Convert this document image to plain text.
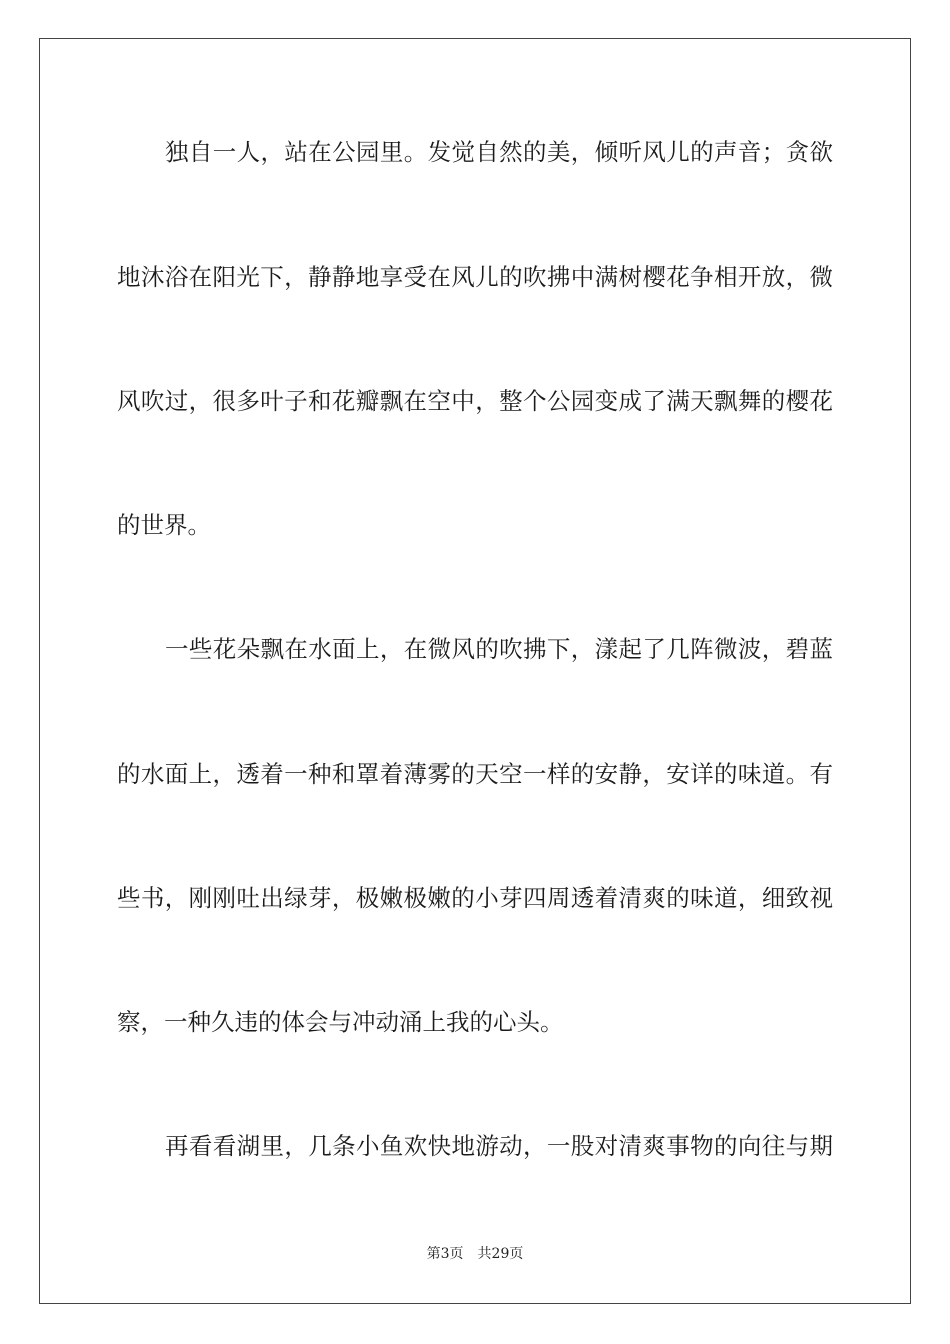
独自一人，站在公园里。发觉自然的美，倾听风儿的声音；贪欲
地沐浴在阳光下，静静地享受在风儿的吹拂中满树樱花争相开放，微
风吹过，很多叶子和花瓣飘在空中，整个公园变成了满天飘舞的樱花
的世界。
一些花朵飘在水面上，在微风的吹拂下，漾起了几阵微波，碧蓝
的水面上，透着一种和罩着薄雾的天空一样的安静，安详的味道。有
些书，刚刚吐出绿芽，极嫩极嫩的小芽四周透着清爽的味道，细致视
察，一种久违的体会与冲动涌上我的心头。
再看看湖里，几条小鱼欢快地游动，一股对清爽事物的向往与期
第3页 共29页
